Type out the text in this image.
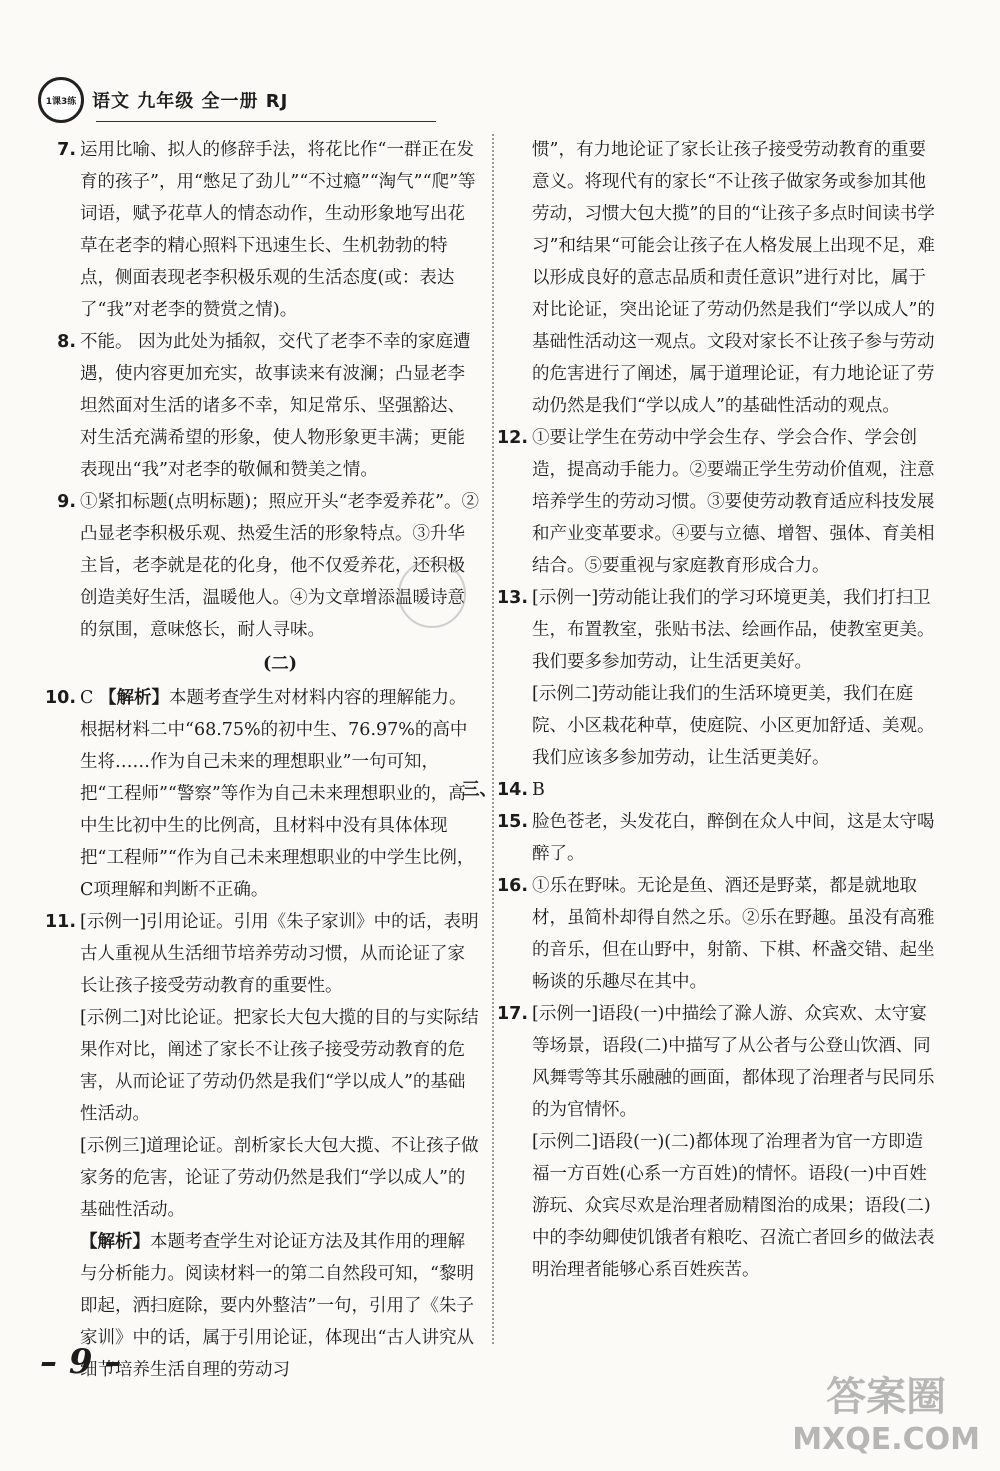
1课3练 语文 九年级 全一册 RJ
7. 运用比喻、拟人的修辞手法，将花比作“一群正在发育的孩子”，用“憋足了劲儿”“不过瘾”“淘气”“爬”等词语，赋予花草人的情态动作，生动形象地写出花草在老李的精心照料下迅速生长、生机勃勃的特点，侧面表现老李积极乐观的生活态度(或：表达了“我”对老李的赞赏之情)。
8. 不能。 因为此处为插叙，交代了老李不幸的家庭遭遇，使内容更加充实，故事读来有波澜；凸显老李坦然面对生活的诸多不幸，知足常乐、坚强豁达、对生活充满希望的形象，使人物形象更丰满；更能表现出“我”对老李的敬佩和赞美之情。
9. ①紧扣标题(点明标题)；照应开头“老李爱养花”。②凸显老李积极乐观、热爱生活的形象特点。③升华主旨，老李就是花的化身，他不仅爱养花，还积极创造美好生活，温暖他人。④为文章增添温暖诗意的氛围，意味悠长，耐人寻味。
(二)
10. C 【解析】本题考查学生对材料内容的理解能力。根据材料二中“68.75%的初中生、76.97%的高中生将……作为自己未来的理想职业”一句可知，把“工程师”“警察”等作为自己未来理想职业的，高中生比初中生的比例高，且材料中没有具体体现把“工程师”“作为自己未来理想职业的中学生比例，C项理解和判断不正确。
11. [示例一]引用论证。引用《朱子家训》中的话，表明古人重视从生活细节培养劳动习惯，从而论证了家长让孩子接受劳动教育的重要性。
[示例二]对比论证。把家长大包大揽的目的与实际结果作对比，阐述了家长不让孩子接受劳动教育的危害，从而论证了劳动仍然是我们“学以成人”的基础性活动。
[示例三]道理论证。剖析家长大包大揽、不让孩子做家务的危害，论证了劳动仍然是我们“学以成人”的基础性活动。
【解析】本题考查学生对论证方法及其作用的理解与分析能力。阅读材料一的第二自然段可知，“黎明即起，洒扫庭除，要内外整洁”一句，引用了《朱子家训》中的话，属于引用论证，体现出“古人讲究从细节培养生活自理的劳动习
惯”，有力地论证了家长让孩子接受劳动教育的重要意义。将现代有的家长“不让孩子做家务或参加其他劳动，习惯大包大揽”的目的“让孩子多点时间读书学习”和结果“可能会让孩子在人格发展上出现不足，难以形成良好的意志品质和责任意识”进行对比，属于对比论证，突出论证了劳动仍然是我们“学以成人”的基础性活动这一观点。文段对家长不让孩子参与劳动的危害进行了阐述，属于道理论证，有力地论证了劳动仍然是我们“学以成人”的基础性活动的观点。
12. ①要让学生在劳动中学会生存、学会合作、学会创造，提高动手能力。②要端正学生劳动价值观，注意培养学生的劳动习惯。③要使劳动教育适应科技发展和产业变革要求。④要与立德、增智、强体、育美相结合。⑤要重视与家庭教育形成合力。
13. [示例一]劳动能让我们的学习环境更美，我们打扫卫生，布置教室，张贴书法、绘画作品，使教室更美。我们要多参加劳动，让生活更美好。
[示例二]劳动能让我们的生活环境更美，我们在庭院、小区栽花种草，使庭院、小区更加舒适、美观。我们应该多参加劳动，让生活更美好。
三、14. B
15. 脸色苍老，头发花白，醉倒在众人中间，这是太守喝醉了。
16. ①乐在野味。无论是鱼、酒还是野菜，都是就地取材，虽简朴却得自然之乐。②乐在野趣。虽没有高雅的音乐，但在山野中，射箭、下棋、杯盏交错、起坐畅谈的乐趣尽在其中。
17. [示例一]语段(一)中描绘了滁人游、众宾欢、太守宴等场景，语段(二)中描写了从公者与公登山饮酒、同风舞雩等其乐融融的画面，都体现了治理者与民同乐的为官情怀。
[示例二]语段(一)(二)都体现了治理者为官一方即造福一方百姓(心系一方百姓)的情怀。语段(一)中百姓游玩、众宾尽欢是治理者励精图治的成果；语段(二)中的李幼卿使饥饿者有粮吃、召流亡者回乡的做法表明治理者能够心系百姓疾苦。
– 9 –
答案圈
MXQE.COM
